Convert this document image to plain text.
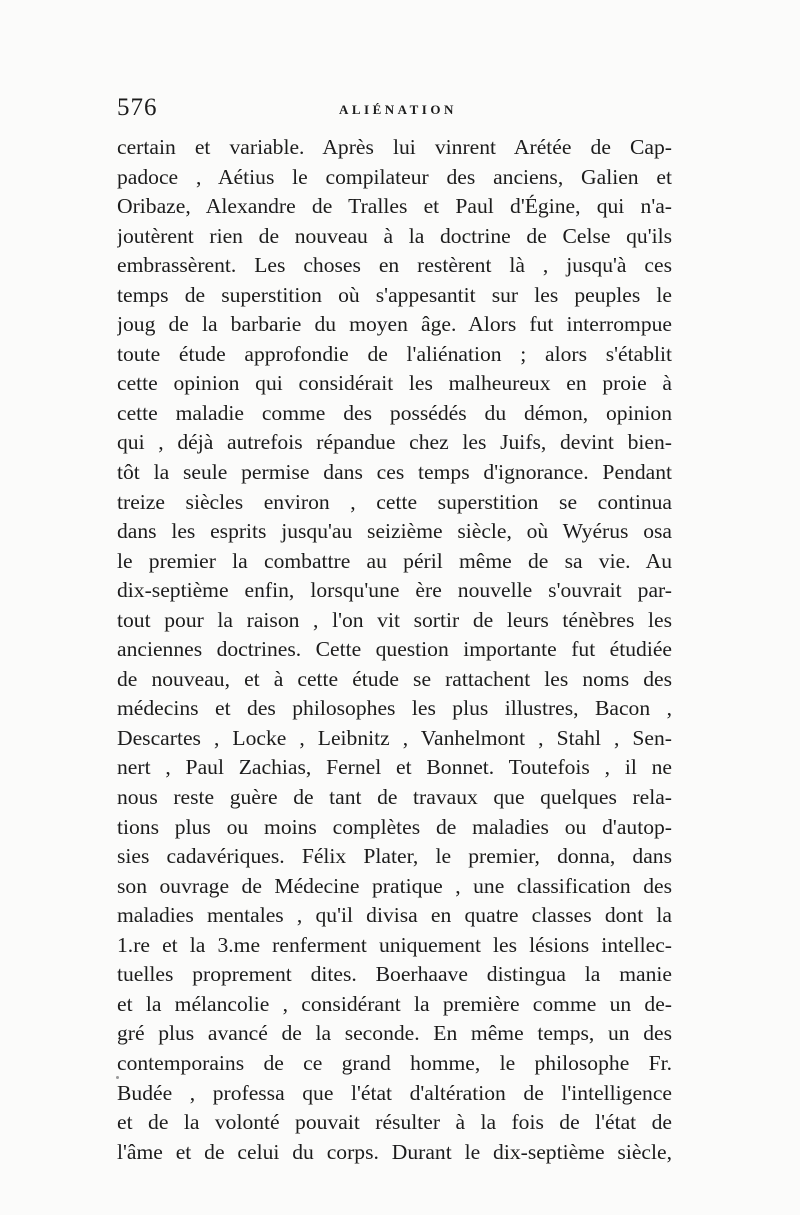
576	ALIÉNATION
certain et variable. Après lui vinrent Arétée de Cap-
padoce , Aétius le compilateur des anciens, Galien et
Oribaze, Alexandre de Tralles et Paul d'Égine, qui n'a-
joutèrent rien de nouveau à la doctrine de Celse qu'ils
embrassèrent. Les choses en restèrent là , jusqu'à ces
temps de superstition où s'appesantit sur les peuples le
joug de la barbarie du moyen âge. Alors fut interrompue
toute étude approfondie de l'aliénation ; alors s'établit
cette opinion qui considérait les malheureux en proie à
cette maladie comme des possédés du démon, opinion
qui , déjà autrefois répandue chez les Juifs, devint bien-
tôt la seule permise dans ces temps d'ignorance. Pendant
treize siècles environ , cette superstition se continua
dans les esprits jusqu'au seizième siècle, où Wyérus osa
le premier la combattre au péril même de sa vie. Au
dix-septième enfin, lorsqu'une ère nouvelle s'ouvrait par-
tout pour la raison , l'on vit sortir de leurs ténèbres les
anciennes doctrines. Cette question importante fut étudiée
de nouveau, et à cette étude se rattachent les noms des
médecins et des philosophes les plus illustres, Bacon ,
Descartes , Locke , Leibnitz , Vanhelmont , Stahl , Sen-
nert , Paul Zachias, Fernel et Bonnet. Toutefois , il ne
nous reste guère de tant de travaux que quelques rela-
tions plus ou moins complètes de maladies ou d'autop-
sies cadavériques. Félix Plater, le premier, donna, dans
son ouvrage de Médecine pratique , une classification des
maladies mentales , qu'il divisa en quatre classes dont la
1.re et la 3.me renferment uniquement les lésions intellec-
tuelles proprement dites. Boerhaave distingua la manie
et la mélancolie , considérant la première comme un de-
gré plus avancé de la seconde. En même temps, un des
contemporains de ce grand homme, le philosophe Fr.
Budée , professa que l'état d'altération de l'intelligence
et de la volonté pouvait résulter à la fois de l'état de
l'âme et de celui du corps. Durant le dix-septième siècle,
